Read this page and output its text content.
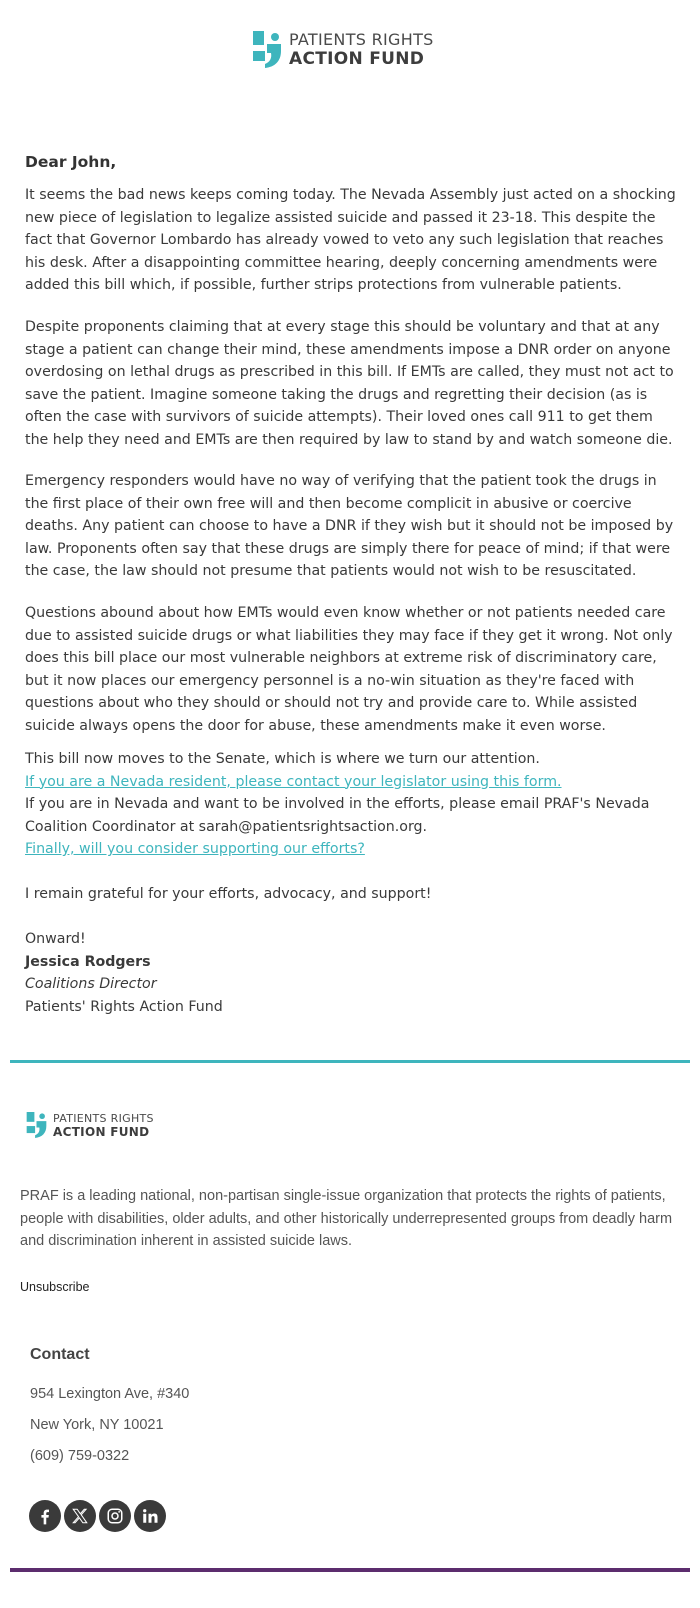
PATIENTS RIGHTS
ACTION FUND
Dear John,

It seems the bad news keeps coming today. The Nevada Assembly just acted on a shocking new piece of legislation to legalize assisted suicide and passed it 23-18. This despite the fact that Governor Lombardo has already vowed to veto any such legislation that reaches his desk. After a disappointing committee hearing, deeply concerning amendments were added this bill which, if possible, further strips protections from vulnerable patients.

Despite proponents claiming that at every stage this should be voluntary and that at any stage a patient can change their mind, these amendments impose a DNR order on anyone overdosing on lethal drugs as prescribed in this bill. If EMTs are called, they must not act to save the patient. Imagine someone taking the drugs and regretting their decision (as is often the case with survivors of suicide attempts). Their loved ones call 911 to get them the help they need and EMTs are then required by law to stand by and watch someone die.

Emergency responders would have no way of verifying that the patient took the drugs in the first place of their own free will and then become complicit in abusive or coercive deaths. Any patient can choose to have a DNR if they wish but it should not be imposed by law. Proponents often say that these drugs are simply there for peace of mind; if that were the case, the law should not presume that patients would not wish to be resuscitated.

Questions abound about how EMTs would even know whether or not patients needed care due to assisted suicide drugs or what liabilities they may face if they get it wrong. Not only does this bill place our most vulnerable neighbors at extreme risk of discriminatory care, but it now places our emergency personnel is a no-win situation as they're faced with questions about who they should or should not try and provide care to. While assisted suicide always opens the door for abuse, these amendments make it even worse.

This bill now moves to the Senate, which is where we turn our attention.

If you are a Nevada resident, please contact your legislator using this form.

If you are in Nevada and want to be involved in the efforts, please email PRAF's Nevada Coalition Coordinator at sarah@patientsrightsaction.org.

Finally, will you consider supporting our efforts?

I remain grateful for your efforts, advocacy, and support!

Onward!

Jessica Rodgers

Coalitions Director

Patients' Rights Action Fund

PATIENTS RIGHTS
ACTION FUND
PRAF is a leading national, non-partisan single-issue organization that protects the rights of patients, people with disabilities, older adults, and other historically underrepresented groups from deadly harm and discrimination inherent in assisted suicide laws.
Unsubscribe
Contact
954 Lexington Ave, #340
New York, NY 10021
(609) 759-0322
